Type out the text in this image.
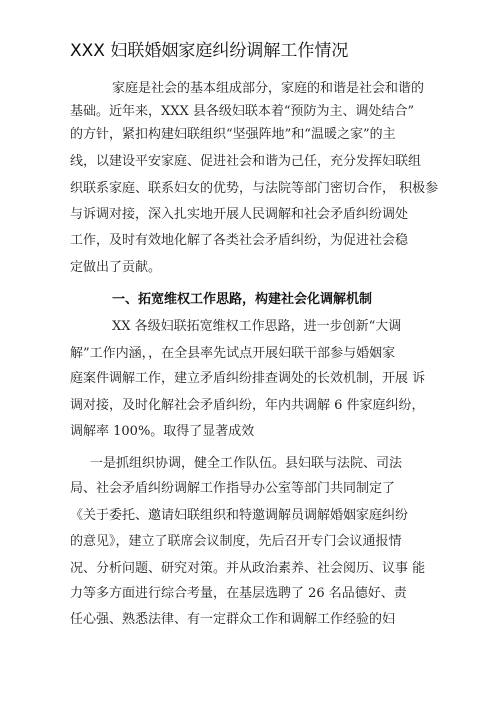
XXX 妇联婚姻家庭纠纷调解工作情况
家庭是社会的基本组成部分，家庭的和谐是社会和谐的
基础。近年来，XXX 县各级妇联本着“预防为主、调处结合”
的方针，紧扣构建妇联组织“坚强阵地”和“温暖之家”的主
线，以建设平安家庭、促进社会和谐为己任，充分发挥妇联组
织联系家庭、联系妇女的优势，与法院等部门密切合作， 积极参
与诉调对接，深入扎实地开展人民调解和社会矛盾纠纷调处
工作，及时有效地化解了各类社会矛盾纠纷，为促进社会稳
定做出了贡献。
一、拓宽维权工作思路，构建社会化调解机制
XX 各级妇联拓宽维权工作思路，进一步创新“大调
解”工作内涵，，在全县率先试点开展妇联干部参与婚姻家
庭案件调解工作，建立矛盾纠纷排查调处的长效机制，开展 诉
调对接，及时化解社会矛盾纠纷，年内共调解 6 件家庭纠纷，
调解率 100%。取得了显著成效
一是抓组织协调，健全工作队伍。县妇联与法院、司法
局、社会矛盾纠纷调解工作指导办公室等部门共同制定了
《关于委托、邀请妇联组织和特邀调解员调解婚姻家庭纠纷
的意见》，建立了联席会议制度，先后召开专门会议通报情
况、分析问题、研究对策。并从政治素养、社会阅历、议事 能
力等多方面进行综合考量，在基层选聘了 26 名品德好、责
任心强、熟悉法律、有一定群众工作和调解工作经验的妇
